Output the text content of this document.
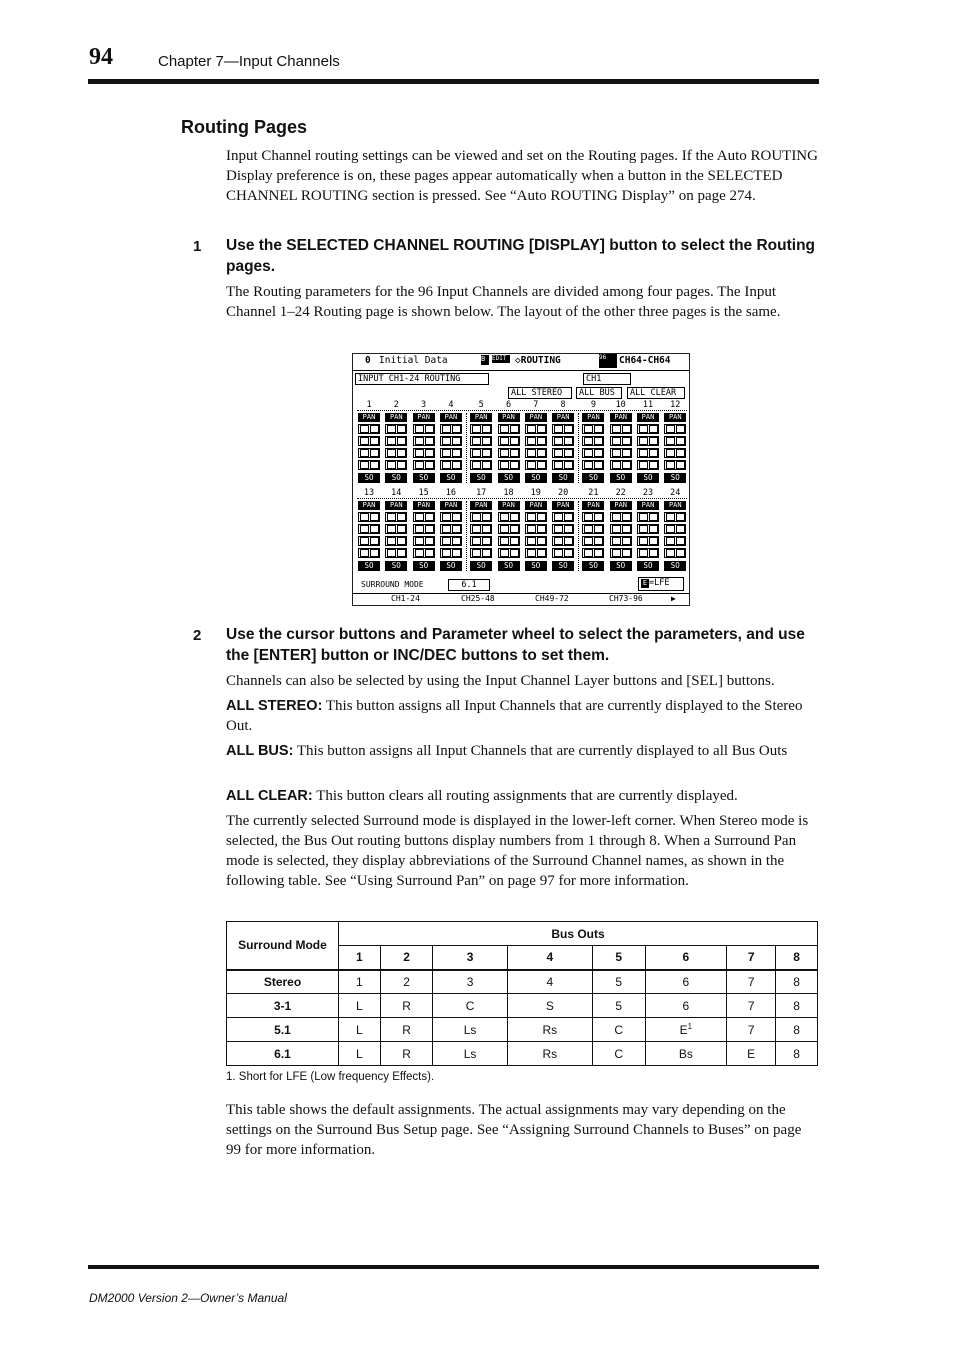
94	Chapter 7—Input Channels
Routing Pages
Input Channel routing settings can be viewed and set on the Routing pages. If the Auto ROUTING Display preference is on, these pages appear automatically when a button in the SELECTED CHANNEL ROUTING section is pressed. See “Auto ROUTING Display” on page 274.
1 Use the SELECTED CHANNEL ROUTING [DISPLAY] button to select the Routing pages.
The Routing parameters for the 96 Input Channels are divided among four pages. The Input Channel 1–24 Routing page is shown below. The layout of the other three pages is the same.
0 Initial Data	B	EDIT ◇ROUTING	96	CH64-CH64
INPUT CH1-24 ROUTING	CH1
ALL STEREO	ALL BUS	ALL CLEAR
1	2	3	4	5	6	7	8	9	10	11	12
PAN
SO
PAN
SO
PAN
SO
PAN
SO
PAN
SO
PAN
SO
PAN
SO
PAN
SO
PAN
SO
PAN
SO
PAN
SO
PAN
SO
13	14	15	16	17	18	19	20	21	22	23	24
PAN
SO
PAN
SO
PAN
SO
PAN
SO
PAN
SO
PAN
SO
PAN
SO
PAN
SO
PAN
SO
PAN
SO
PAN
SO
PAN
SO
SURROUND MODE	6.1	E =LFE
CH1-24	CH25-48	CH49-72	CH73-96	▶
2 Use the cursor buttons and Parameter wheel to select the parameters, and use the [ENTER] button or INC/DEC buttons to set them.
Channels can also be selected by using the Input Channel Layer buttons and [SEL] buttons.
ALL STEREO: This button assigns all Input Channels that are currently displayed to the Stereo Out.
ALL BUS: This button assigns all Input Channels that are currently displayed to all Bus Outs
ALL CLEAR: This button clears all routing assignments that are currently displayed.
The currently selected Surround mode is displayed in the lower-left corner. When Stereo mode is selected, the Bus Out routing buttons display numbers from 1 through 8. When a Surround Pan mode is selected, they display abbreviations of the Surround Channel names, as shown in the following table. See “Using Surround Pan” on page 97 for more information.
Surround Mode	Bus Outs							
	1	2	3	4	5	6	7	8
Stereo	1	2	3	4	5	6	7	8
3-1	L	R	C	S	5	6	7	8
5.1	L	R	Ls	Rs	C	$E^1$	7	8
6.1	L	R	Ls	Rs	C	Bs	E	8
1. Short for LFE (Low frequency Effects).
This table shows the default assignments. The actual assignments may vary depending on the settings on the Surround Bus Setup page. See “Assigning Surround Channels to Buses” on page 99 for more information.
DM2000 Version 2—Owner’s Manual
